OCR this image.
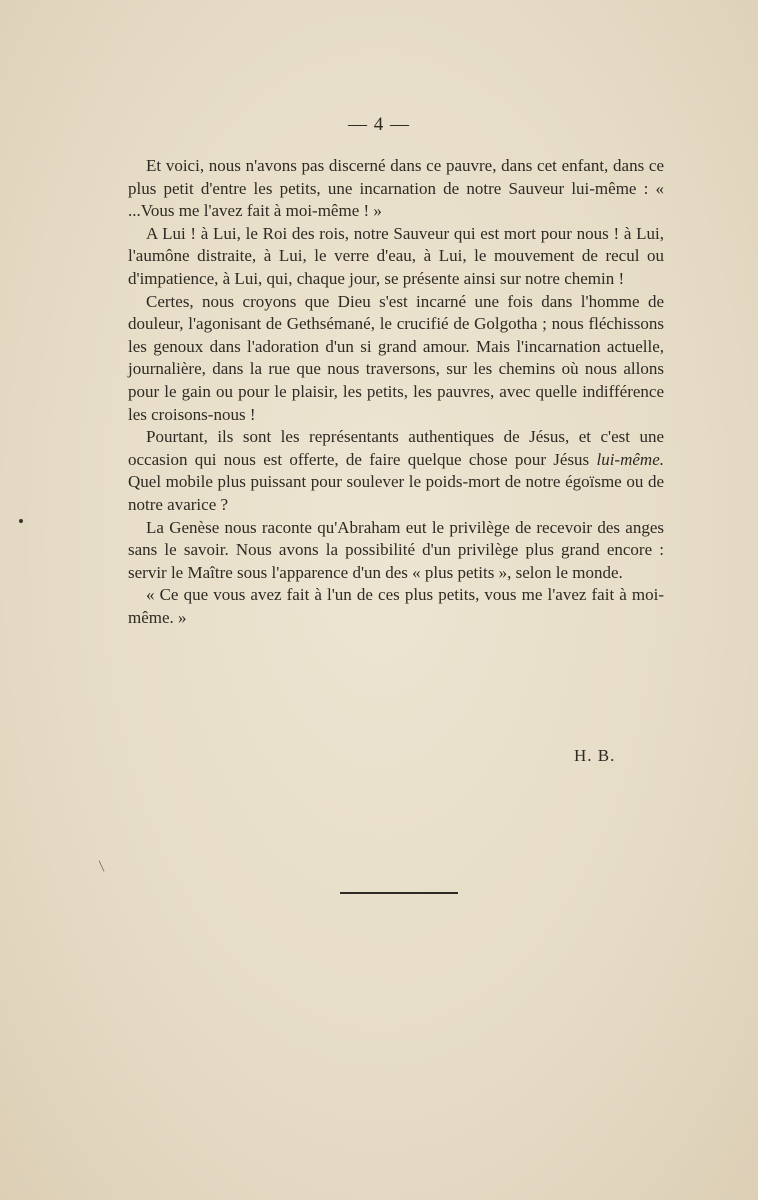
— 4 —

Et voici, nous n'avons pas discerné dans ce pauvre, dans cet enfant, dans ce plus petit d'entre les petits, une incarnation de notre Sauveur lui-même : « ...Vous me l'avez fait à moi-même ! »

A Lui ! à Lui, le Roi des rois, notre Sauveur qui est mort pour nous ! à Lui, l'aumône distraite, à Lui, le verre d'eau, à Lui, le mouvement de recul ou d'impatience, à Lui, qui, chaque jour, se présente ainsi sur notre chemin !

Certes, nous croyons que Dieu s'est incarné une fois dans l'homme de douleur, l'agonisant de Gethsémané, le crucifié de Golgotha ; nous fléchissons les genoux dans l'adoration d'un si grand amour. Mais l'incarnation actuelle, journalière, dans la rue que nous traversons, sur les chemins où nous allons pour le gain ou pour le plaisir, les petits, les pauvres, avec quelle indifférence les croisons-nous !

Pourtant, ils sont les représentants authentiques de Jésus, et c'est une occasion qui nous est offerte, de faire quelque chose pour Jésus lui-même. Quel mobile plus puissant pour soulever le poids-mort de notre égoïsme ou de notre avarice ?

La Genèse nous raconte qu'Abraham eut le privilège de recevoir des anges sans le savoir. Nous avons la possibilité d'un privilège plus grand encore : servir le Maître sous l'apparence d'un des « plus petits », selon le monde.

« Ce que vous avez fait à l'un de ces plus petits, vous me l'avez fait à moi-même. »

H. B.
